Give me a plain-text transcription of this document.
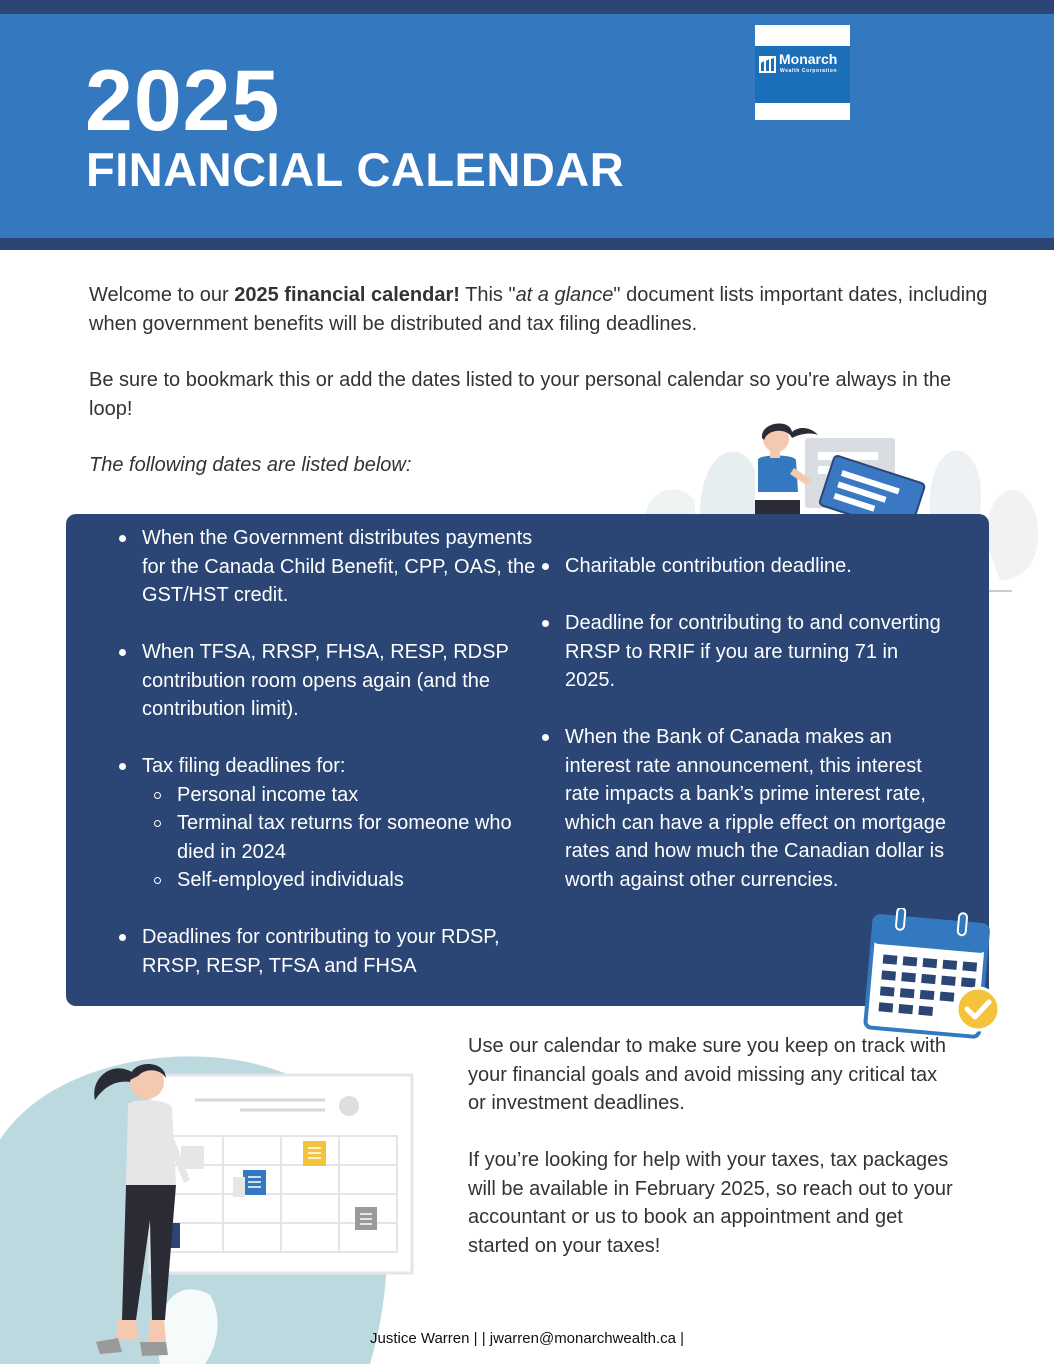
2025
FINANCIAL CALENDAR
Monarch
Wealth Corporation

Welcome to our 2025 financial calendar! This "at a glance" document lists important dates, including when government benefits will be distributed and tax filing deadlines.

Be sure to bookmark this or add the dates listed to your personal calendar so you're always in the loop!

The following dates are listed below:

When the Government distributes payments for the Canada Child Benefit, CPP, OAS, the GST/HST credit.
When TFSA, RRSP, FHSA, RESP, RDSP contribution room opens again (and the contribution limit).
Tax filing deadlines for:
Personal income tax
Terminal tax returns for someone who died in 2024
Self-employed individuals
Deadlines for contributing to your RDSP, RRSP, RESP, TFSA and FHSA
Charitable contribution deadline.
Deadline for contributing to and converting RRSP to RRIF if you are turning 71 in 2025.
When the Bank of Canada makes an interest rate announcement, this interest rate impacts a bank’s prime interest rate, which can have a ripple effect on mortgage rates and how much the Canadian dollar is worth against other currencies.

Use our calendar to make sure you keep on track with your financial goals and avoid missing any critical tax or investment deadlines.

If you’re looking for help with your taxes, tax packages will be available in February 2025, so reach out to your accountant or us to book an appointment and get started on your taxes!

Justice Warren | | jwarren@monarchwealth.ca |
